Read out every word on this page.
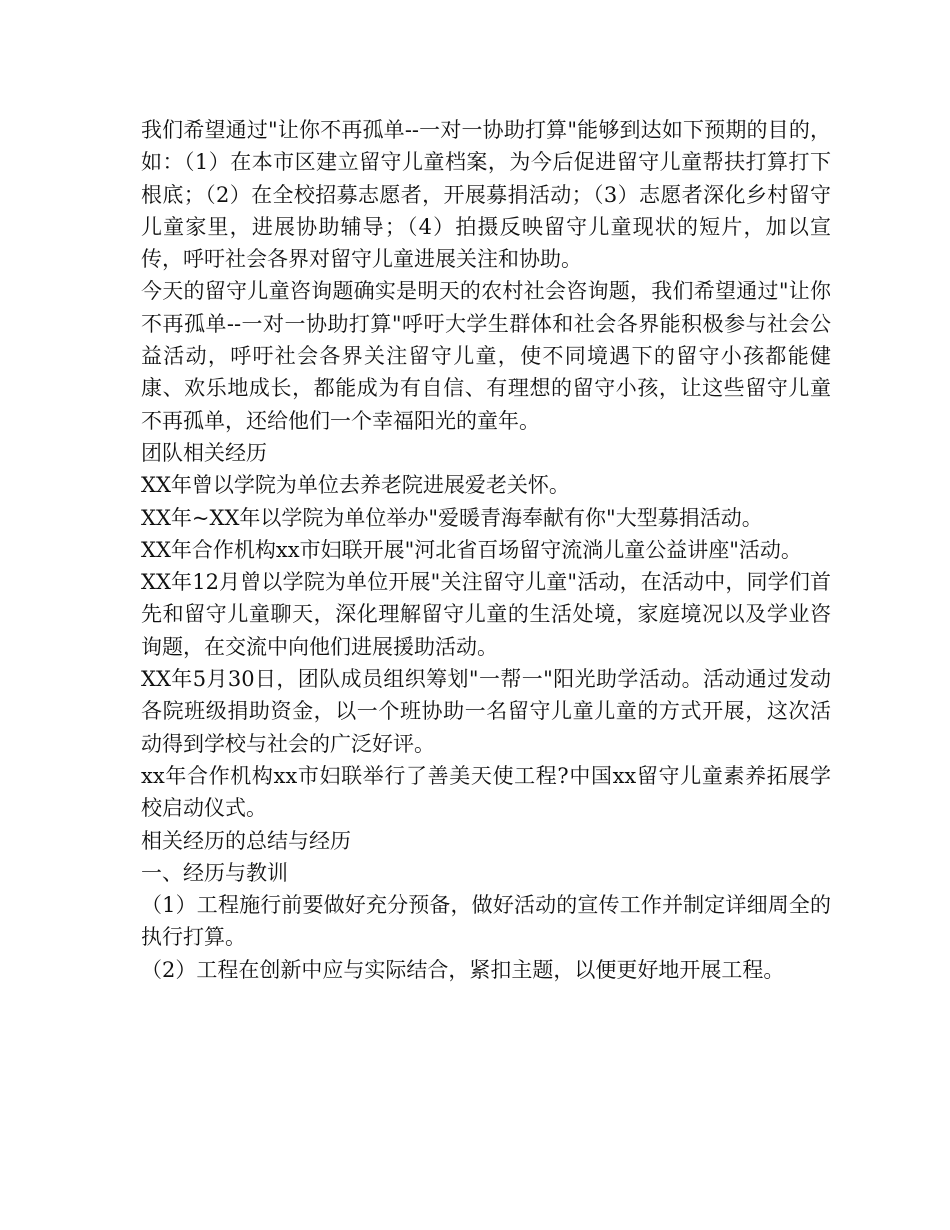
我们希望通过"让你不再孤单--一对一协助打算"能够到达如下预期的目的，如：（1）在本市区建立留守儿童档案，为今后促进留守儿童帮扶打算打下根底；（2）在全校招募志愿者，开展募捐活动；（3）志愿者深化乡村留守儿童家里，进展协助辅导；（4）拍摄反映留守儿童现状的短片，加以宣传，呼吁社会各界对留守儿童进展关注和协助。

今天的留守儿童咨询题确实是明天的农村社会咨询题，我们希望通过"让你不再孤单--一对一协助打算"呼吁大学生群体和社会各界能积极参与社会公益活动，呼吁社会各界关注留守儿童，使不同境遇下的留守小孩都能健康、欢乐地成长，都能成为有自信、有理想的留守小孩，让这些留守儿童不再孤单，还给他们一个幸福阳光的童年。

团队相关经历

XX年曾以学院为单位去养老院进展爱老关怀。

XX年~XX年以学院为单位举办"爱暖青海奉献有你"大型募捐活动。

XX年合作机构xx市妇联开展"河北省百场留守流淌儿童公益讲座"活动。

XX年12月曾以学院为单位开展"关注留守儿童"活动，在活动中，同学们首先和留守儿童聊天，深化理解留守儿童的生活处境，家庭境况以及学业咨询题，在交流中向他们进展援助活动。

XX年5月30日，团队成员组织筹划"一帮一"阳光助学活动。活动通过发动各院班级捐助资金，以一个班协助一名留守儿童儿童的方式开展，这次活动得到学校与社会的广泛好评。

xx年合作机构xx市妇联举行了善美天使工程?中国xx留守儿童素养拓展学校启动仪式。

相关经历的总结与经历

一、经历与教训

（1）工程施行前要做好充分预备，做好活动的宣传工作并制定详细周全的执行打算。

（2）工程在创新中应与实际结合，紧扣主题，以便更好地开展工程。
